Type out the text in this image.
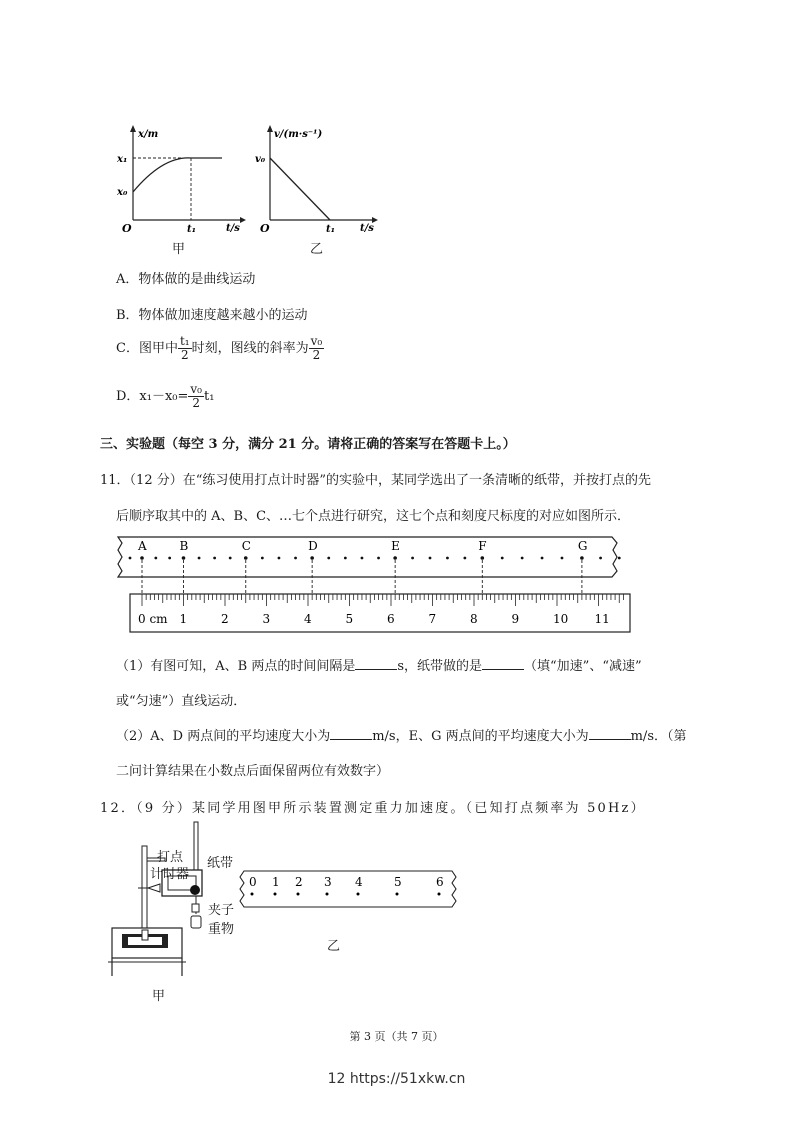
x/m
x₁
x₀
O	t₁	t/s
甲
v/(m·s⁻¹)
v₀
O	t₁	t/s
乙
A．物体做的是曲线运动
B．物体做加速度越来越小的运动
C．图甲中 $\frac{\text{t₁}}{2}$ 时刻，图线的斜率为 $\frac{\text{v₀}}{2}$
D．$x_1-x_0= \frac{\text{v₀}}{2} t_1$
三、实验题（每空 3 分，满分 21 分。请将正确的答案写在答题卡上。）
11．（12 分）在“练习使用打点计时器”的实验中，某同学选出了一条清晰的纸带，并按打点的先
后顺序取其中的 A、B、C、…七个点进行研究，这七个点和刻度尺标度的对应如图所示．
A	B	C	D	E	F	G
0 cm 1	2	3	4	5	6	7	8	9	10 11
（1）有图可知，A、B 两点的时间间隔是	s，纸带做的是	（填“加速”、“减速”
或“匀速”）直线运动．
（2）A、D 两点间的平均速度大小为	m/s，E、G 两点间的平均速度大小为	m/s．（第
二问计算结果在小数点后面保留两位有效数字）
12．（9 分）某同学用图甲所示装置测定重力加速度。（已知打点频率为 50Hz）
打点
计时器
纸带
夹子
重物
甲
0 1 2 3 4	5	6
乙
第 3 页（共 7 页）
12 https://51xkw.cn
